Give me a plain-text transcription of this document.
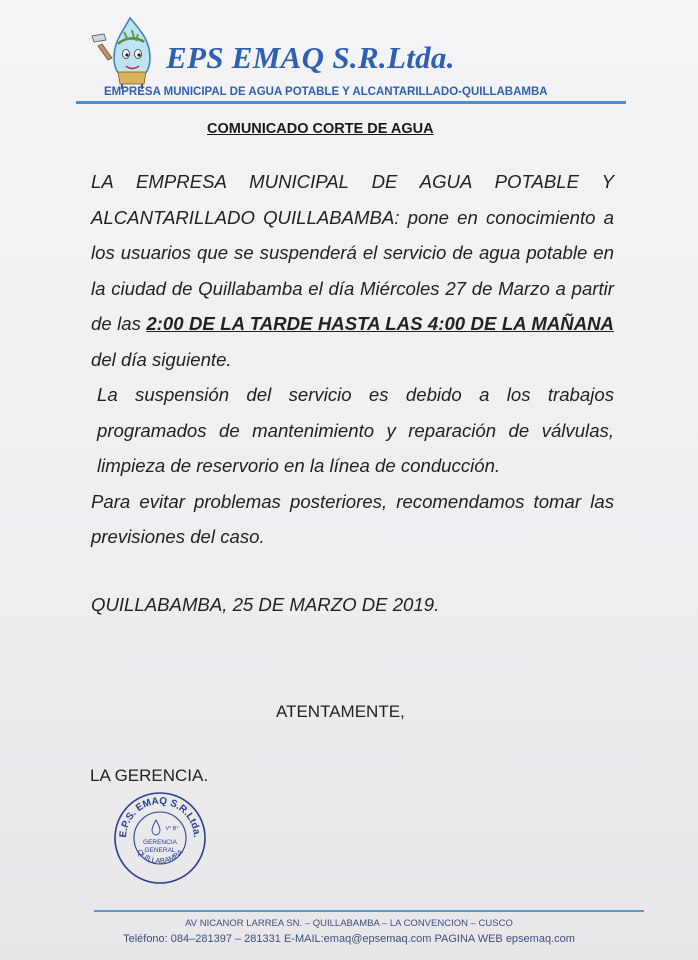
EPS EMAQ S.R.Ltda.
EMPRESA MUNICIPAL DE AGUA POTABLE Y ALCANTARILLADO-QUILLABAMBA
COMUNICADO CORTE DE AGUA

LA EMPRESA MUNICIPAL DE AGUA POTABLE Y ALCANTARILLADO QUILLABAMBA: pone en conocimiento a los usuarios que se suspenderá el servicio de agua potable en la ciudad de Quillabamba el día Miércoles 27 de Marzo a partir de las 2:00 DE LA TARDE HASTA LAS 4:00 DE LA MAÑANA del día siguiente.

La suspensión del servicio es debido a los trabajos programados de mantenimiento y reparación de válvulas, limpieza de reservorio en la línea de conducción.

Para evitar problemas posteriores, recomendamos tomar las previsiones del caso.

QUILLABAMBA, 25 DE MARZO DE 2019.
ATENTAMENTE,
LA GERENCIA.
E.P.S. EMAQ S.R.Ltda.
QUILLABAMBA
V° B°
GERENCIA
GENERAL
AV NICANOR LARREA SN. – QUILLABAMBA – LA CONVENCION – CUSCO
Teléfono: 084–281397 – 281331 E-MAIL:emaq@epsemaq.com PAGINA WEB epsemaq.com
